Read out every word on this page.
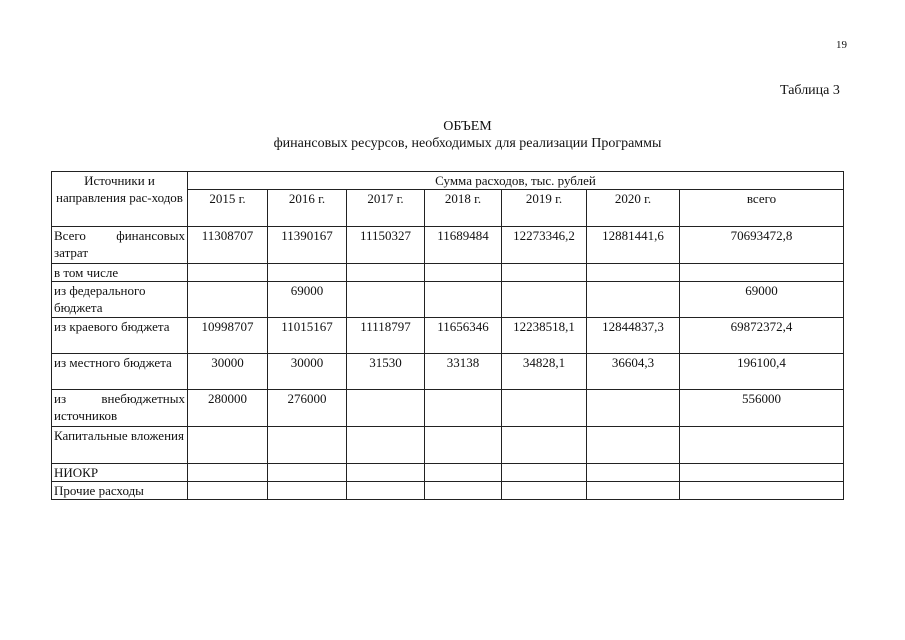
19
Таблица 3
ОБЪЕМ
финансовых ресурсов, необходимых для реализации Программы
Источники и направления рас-ходов	Сумма расходов, тыс. рублей						
	2015 г.	2016 г.	2017 г.	2018 г.	2019 г.	2020 г.	всего
Всего финансовых затрат	11308707	11390167	11150327	11689484	12273346,2	12881441,6	70693472,8
в том числе							
из федерального бюджета		69000					69000
из краевого бюджета	10998707	11015167	11118797	11656346	12238518,1	12844837,3	69872372,4
из местного бюджета	30000	30000	31530	33138	34828,1	36604,3	196100,4
из внебюджетных источников	280000	276000					556000
Капитальные вложения							
НИОКР							
Прочие расходы							
